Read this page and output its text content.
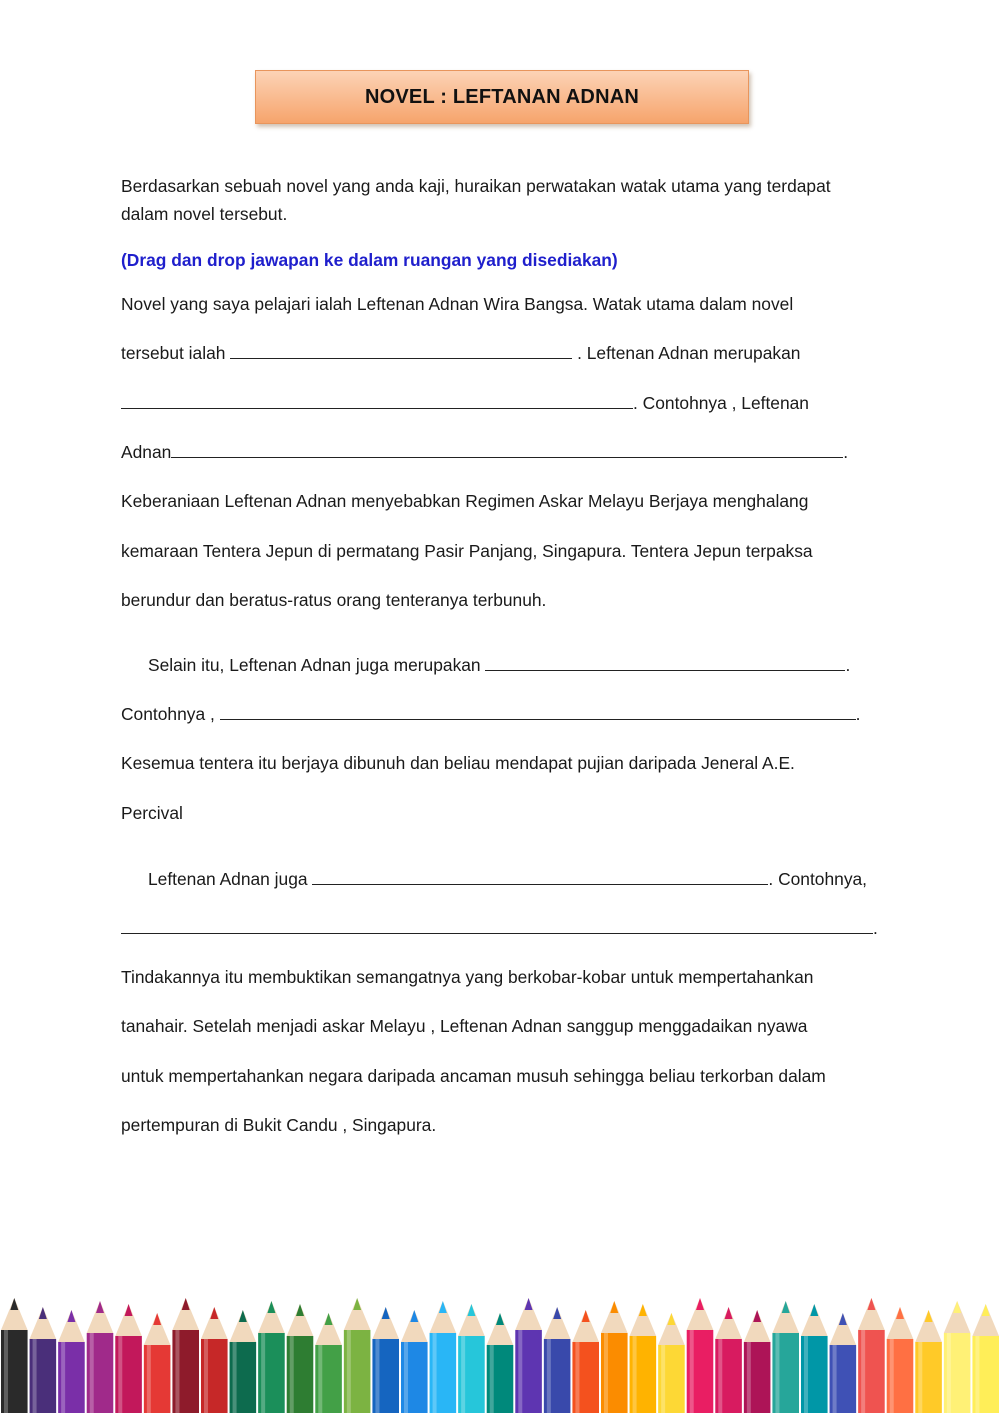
NOVEL : LEFTANAN ADNAN
Berdasarkan sebuah novel yang anda kaji, huraikan perwatakan watak utama yang terdapat
dalam novel tersebut.
(Drag dan drop jawapan ke dalam ruangan yang disediakan)
Novel yang saya pelajari ialah Leftenan Adnan Wira Bangsa. Watak utama dalam novel
tersebut ialah	. Leftenan Adnan merupakan
. Contohnya , Leftenan
Adnan	.
Keberaniaan Leftenan Adnan menyebabkan Regimen Askar Melayu Berjaya menghalang
kemaraan Tentera Jepun di permatang Pasir Panjang, Singapura. Tentera Jepun terpaksa
berundur dan beratus-ratus orang tenteranya terbunuh.
Selain itu, Leftenan Adnan juga merupakan	.
Contohnya ,	.
Kesemua tentera itu berjaya dibunuh dan beliau mendapat pujian daripada Jeneral A.E.
Percival
Leftenan Adnan juga	. Contohnya,
.
Tindakannya itu membuktikan semangatnya yang berkobar-kobar untuk mempertahankan
tanahair. Setelah menjadi askar Melayu , Leftenan Adnan sanggup menggadaikan nyawa
untuk mempertahankan negara daripada ancaman musuh sehingga beliau terkorban dalam
pertempuran di Bukit Candu , Singapura.
